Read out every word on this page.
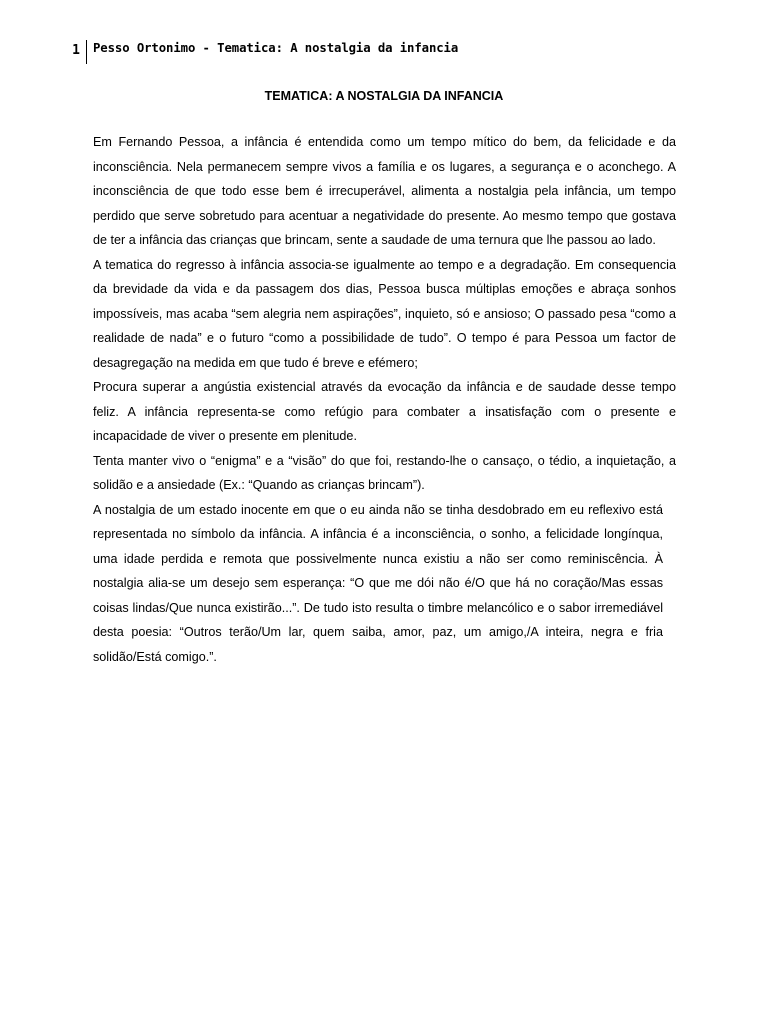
1	Pesso Ortonimo - Tematica: A nostalgia da infancia
TEMATICA: A NOSTALGIA DA INFANCIA

Em Fernando Pessoa, a infância é entendida como um tempo mítico do bem, da felicidade e da inconsciência. Nela permanecem sempre vivos a família e os lugares, a segurança e o aconchego. A inconsciência de que todo esse bem é irrecuperável, alimenta a nostalgia pela infância, um tempo perdido que serve sobretudo para acentuar a negatividade do presente. Ao mesmo tempo que gostava de ter a infância das crianças que brincam, sente a saudade de uma ternura que lhe passou ao lado.

A tematica do regresso à infância associa-se igualmente ao tempo e a degradação. Em consequencia da brevidade da vida e da passagem dos dias, Pessoa busca múltiplas emoções e abraça sonhos impossíveis, mas acaba “sem alegria nem aspirações”, inquieto, só e ansioso; O passado pesa “como a realidade de nada” e o futuro “como a possibilidade de tudo”. O tempo é para Pessoa um factor de desagregação na medida em que tudo é breve e efémero;

Procura superar a angústia existencial através da evocação da infância e de saudade desse tempo feliz. A infância representa-se como refúgio para combater a insatisfação com o presente e incapacidade de viver o presente em plenitude.

Tenta manter vivo o “enigma” e a “visão” do que foi, restando-lhe o cansaço, o tédio, a inquietação, a solidão e a ansiedade (Ex.: “Quando as crianças brincam”).

A nostalgia de um estado inocente em que o eu ainda não se tinha desdobrado em eu reflexivo está representada no símbolo da infância. A infância é a inconsciência, o sonho, a felicidade longínqua, uma idade perdida e remota que possivelmente nunca existiu a não ser como reminiscência. À nostalgia alia-se um desejo sem esperança: “O que me dói não é/O que há no coração/Mas essas coisas lindas/Que nunca existirão...”. De tudo isto resulta o timbre melancólico e o sabor irremediável desta poesia: “Outros terão/Um lar, quem saiba, amor, paz, um amigo,/A inteira, negra e fria solidão/Está comigo.”.
